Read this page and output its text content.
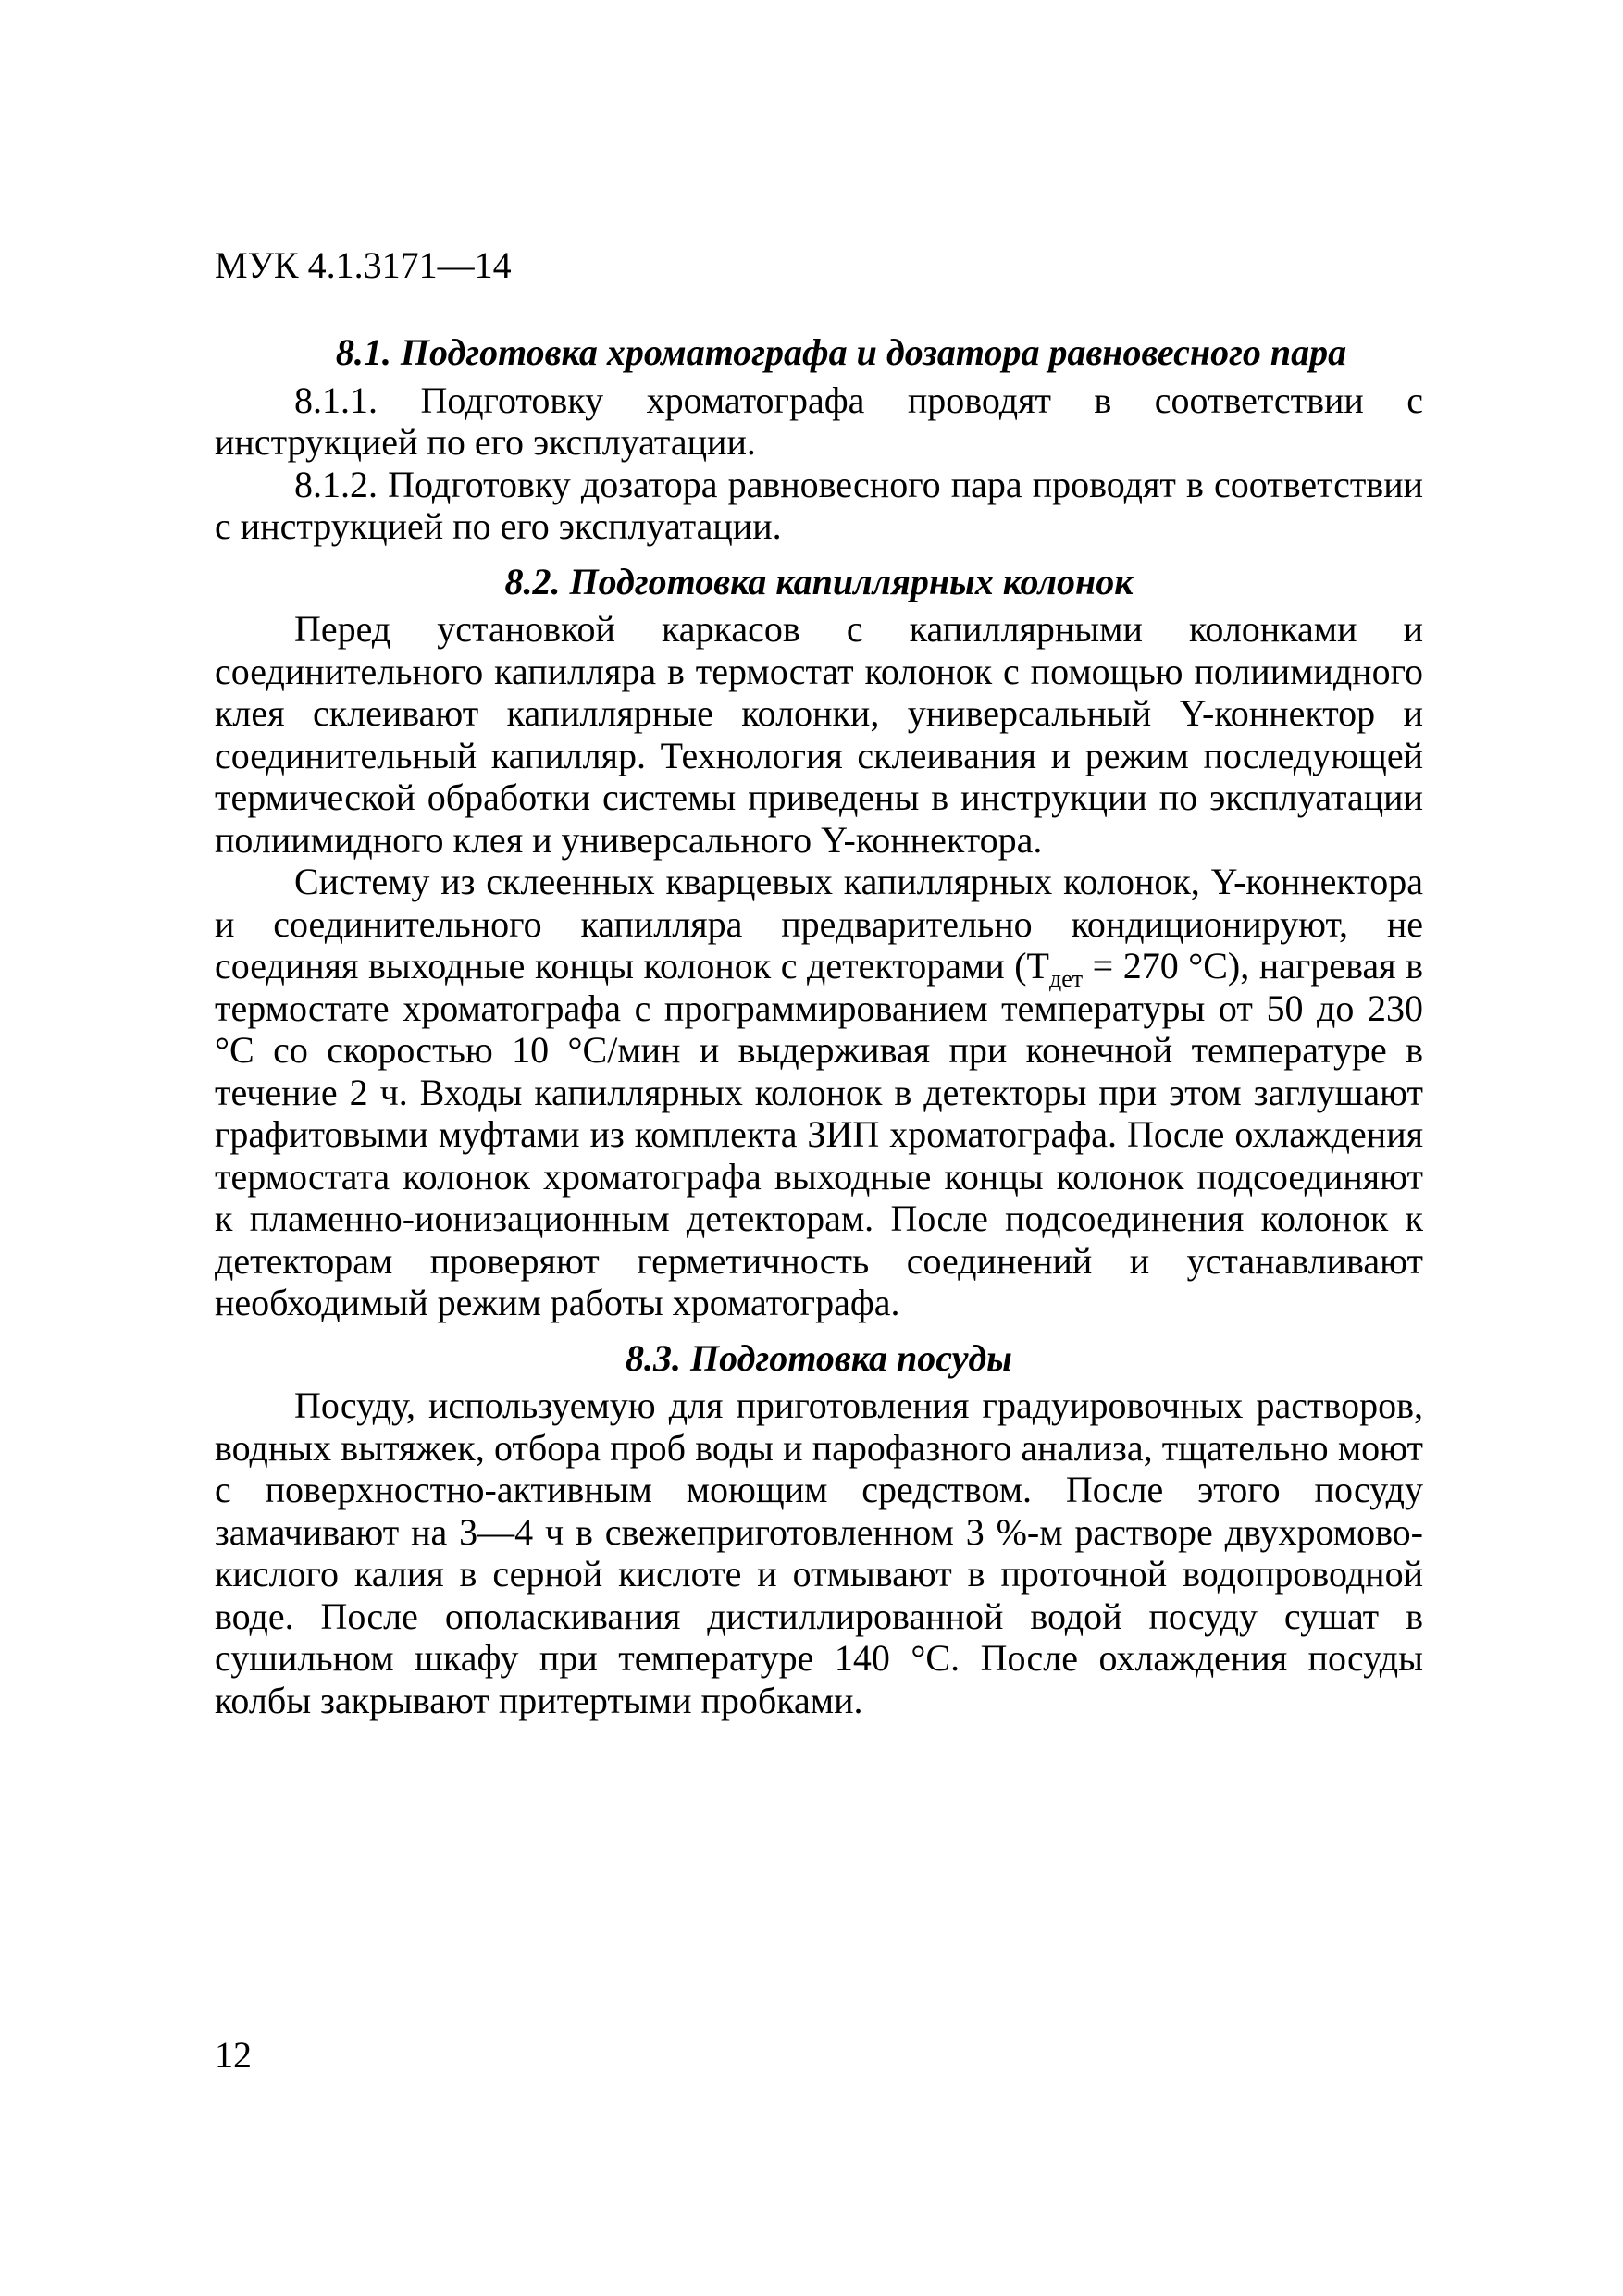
МУК 4.1.3171—14
8.1. Подготовка хроматографа и дозатора равновесного пара

8.1.1. Подготовку хроматографа проводят в соответствии с инструкцией по его эксплуатации.

8.1.2. Подготовку дозатора равновесного пара проводят в соответствии с инструкцией по его эксплуатации.

8.2. Подготовка капиллярных колонок

Перед установкой каркасов с капиллярными колонками и соединительного капилляра в термостат колонок с помощью полиимидного клея склеивают капиллярные колонки, универсальный Y-коннектор и соединительный капилляр. Технология склеивания и режим последующей термической обработки системы приведены в инструкции по эксплуатации полиимидного клея и универсального Y-коннектора.

Систему из склеенных кварцевых капиллярных колонок, Y-коннектора и соединительного капилляра предварительно кондиционируют, не соединяя выходные концы колонок с детекторами ($Т_{дет} = 270$ °С), нагревая в термостате хроматографа с программированием температуры от 50 до 230 °С со скоростью 10 °С/мин и выдерживая при конечной температуре в течение 2 ч. Входы капиллярных колонок в детекторы при этом заглушают графитовыми муфтами из комплекта ЗИП хроматографа. После охлаждения термостата колонок хроматографа выходные концы колонок подсоединяют к пламенно-ионизационным детекторам. После подсоединения колонок к детекторам проверяют герметичность соединений и устанавливают необходимый режим работы хроматографа.

8.3. Подготовка посуды

Посуду, используемую для приготовления градуировочных растворов, водных вытяжек, отбора проб воды и парофазного анализа, тщательно моют с поверхностно-активным моющим средством. После этого посуду замачивают на 3—4 ч в свежеприготовленном 3 %-м растворе двухромово-кислого калия в серной кислоте и отмывают в проточной водопроводной воде. После ополаскивания дистиллированной водой посуду сушат в сушильном шкафу при температуре 140 °С. После охлаждения посуды колбы закрывают притертыми пробками.

12
